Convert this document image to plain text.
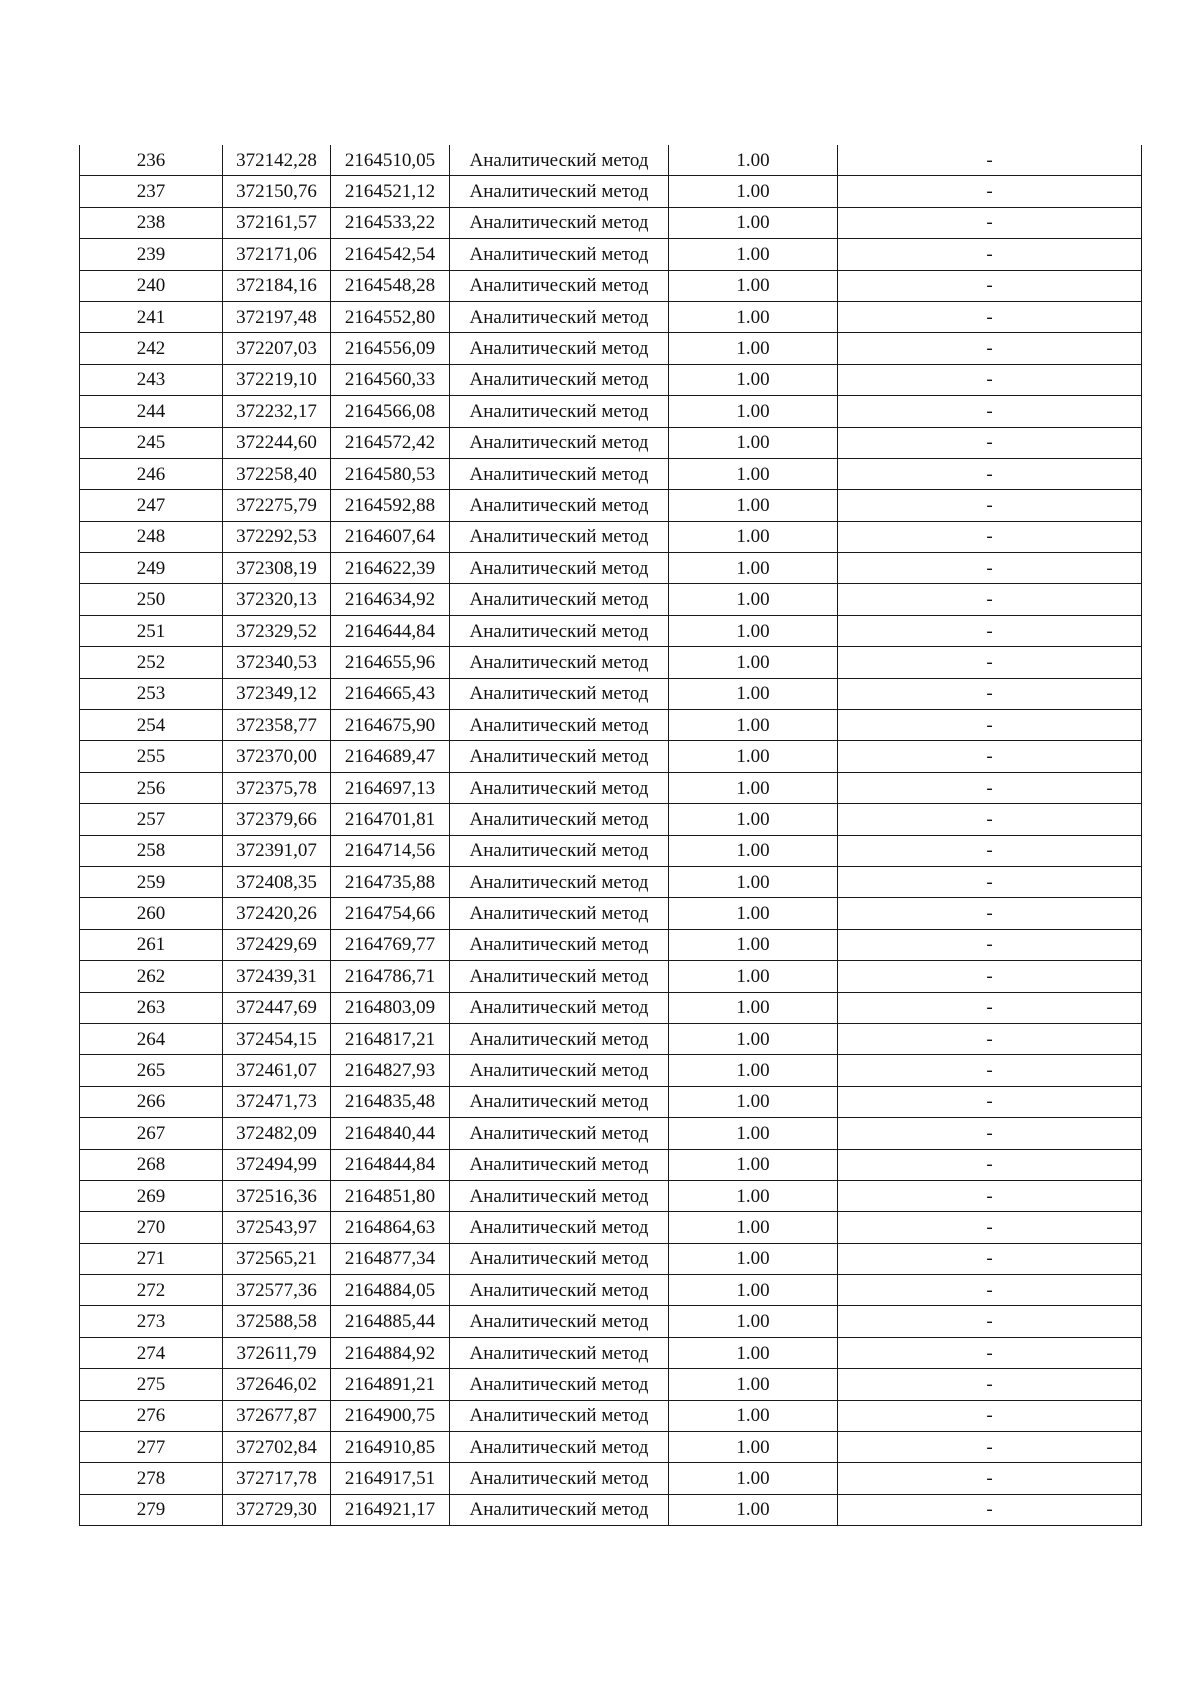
236	372142,28	2164510,05	Аналитический метод	1.00	-
237	372150,76	2164521,12	Аналитический метод	1.00	-
238	372161,57	2164533,22	Аналитический метод	1.00	-
239	372171,06	2164542,54	Аналитический метод	1.00	-
240	372184,16	2164548,28	Аналитический метод	1.00	-
241	372197,48	2164552,80	Аналитический метод	1.00	-
242	372207,03	2164556,09	Аналитический метод	1.00	-
243	372219,10	2164560,33	Аналитический метод	1.00	-
244	372232,17	2164566,08	Аналитический метод	1.00	-
245	372244,60	2164572,42	Аналитический метод	1.00	-
246	372258,40	2164580,53	Аналитический метод	1.00	-
247	372275,79	2164592,88	Аналитический метод	1.00	-
248	372292,53	2164607,64	Аналитический метод	1.00	-
249	372308,19	2164622,39	Аналитический метод	1.00	-
250	372320,13	2164634,92	Аналитический метод	1.00	-
251	372329,52	2164644,84	Аналитический метод	1.00	-
252	372340,53	2164655,96	Аналитический метод	1.00	-
253	372349,12	2164665,43	Аналитический метод	1.00	-
254	372358,77	2164675,90	Аналитический метод	1.00	-
255	372370,00	2164689,47	Аналитический метод	1.00	-
256	372375,78	2164697,13	Аналитический метод	1.00	-
257	372379,66	2164701,81	Аналитический метод	1.00	-
258	372391,07	2164714,56	Аналитический метод	1.00	-
259	372408,35	2164735,88	Аналитический метод	1.00	-
260	372420,26	2164754,66	Аналитический метод	1.00	-
261	372429,69	2164769,77	Аналитический метод	1.00	-
262	372439,31	2164786,71	Аналитический метод	1.00	-
263	372447,69	2164803,09	Аналитический метод	1.00	-
264	372454,15	2164817,21	Аналитический метод	1.00	-
265	372461,07	2164827,93	Аналитический метод	1.00	-
266	372471,73	2164835,48	Аналитический метод	1.00	-
267	372482,09	2164840,44	Аналитический метод	1.00	-
268	372494,99	2164844,84	Аналитический метод	1.00	-
269	372516,36	2164851,80	Аналитический метод	1.00	-
270	372543,97	2164864,63	Аналитический метод	1.00	-
271	372565,21	2164877,34	Аналитический метод	1.00	-
272	372577,36	2164884,05	Аналитический метод	1.00	-
273	372588,58	2164885,44	Аналитический метод	1.00	-
274	372611,79	2164884,92	Аналитический метод	1.00	-
275	372646,02	2164891,21	Аналитический метод	1.00	-
276	372677,87	2164900,75	Аналитический метод	1.00	-
277	372702,84	2164910,85	Аналитический метод	1.00	-
278	372717,78	2164917,51	Аналитический метод	1.00	-
279	372729,30	2164921,17	Аналитический метод	1.00	-
